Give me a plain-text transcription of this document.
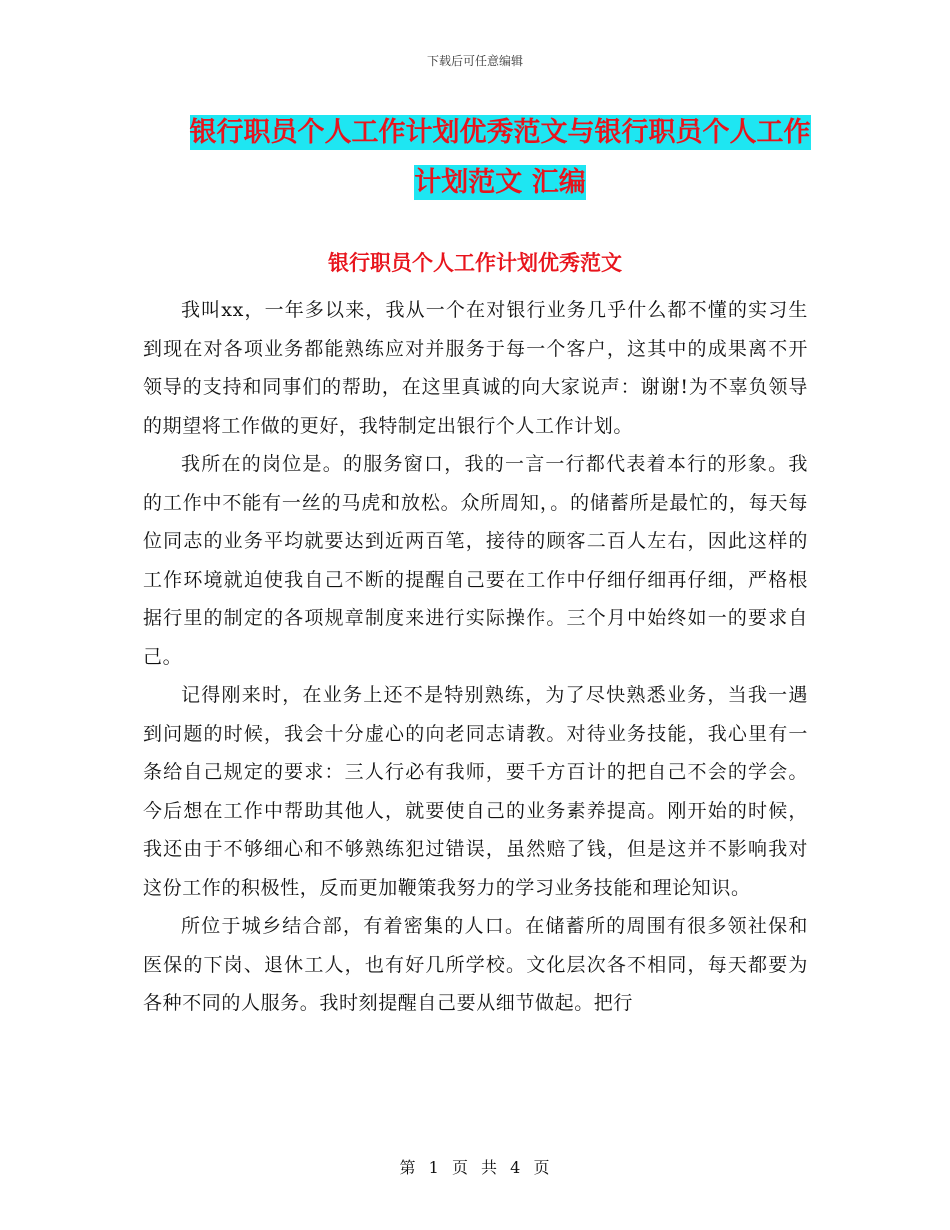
下载后可任意编辑
银行职员个人工作计划优秀范文与银行职员个人工作
计划范文 汇编
银行职员个人工作计划优秀范文

我叫xx，一年多以来，我从一个在对银行业务几乎什么都不懂的实习生到现在对各项业务都能熟练应对并服务于每一个客户，这其中的成果离不开领导的支持和同事们的帮助，在这里真诚的向大家说声：谢谢!为不辜负领导的期望将工作做的更好，我特制定出银行个人工作计划。

我所在的岗位是。的服务窗口，我的一言一行都代表着本行的形象。我的工作中不能有一丝的马虎和放松。众所周知，。的储蓄所是最忙的，每天每位同志的业务平均就要达到近两百笔，接待的顾客二百人左右，因此这样的工作环境就迫使我自己不断的提醒自己要在工作中仔细仔细再仔细，严格根据行里的制定的各项规章制度来进行实际操作。三个月中始终如一的要求自己。

记得刚来时，在业务上还不是特别熟练，为了尽快熟悉业务，当我一遇到问题的时候，我会十分虚心的向老同志请教。对待业务技能，我心里有一条给自己规定的要求：三人行必有我师，要千方百计的把自己不会的学会。今后想在工作中帮助其他人，就要使自己的业务素养提高。刚开始的时候，我还由于不够细心和不够熟练犯过错误，虽然赔了钱，但是这并不影响我对这份工作的积极性，反而更加鞭策我努力的学习业务技能和理论知识。

所位于城乡结合部，有着密集的人口。在储蓄所的周围有很多领社保和医保的下岗、退休工人，也有好几所学校。文化层次各不相同，每天都要为各种不同的人服务。我时刻提醒自己要从细节做起。把行

第 1 页 共 4 页
